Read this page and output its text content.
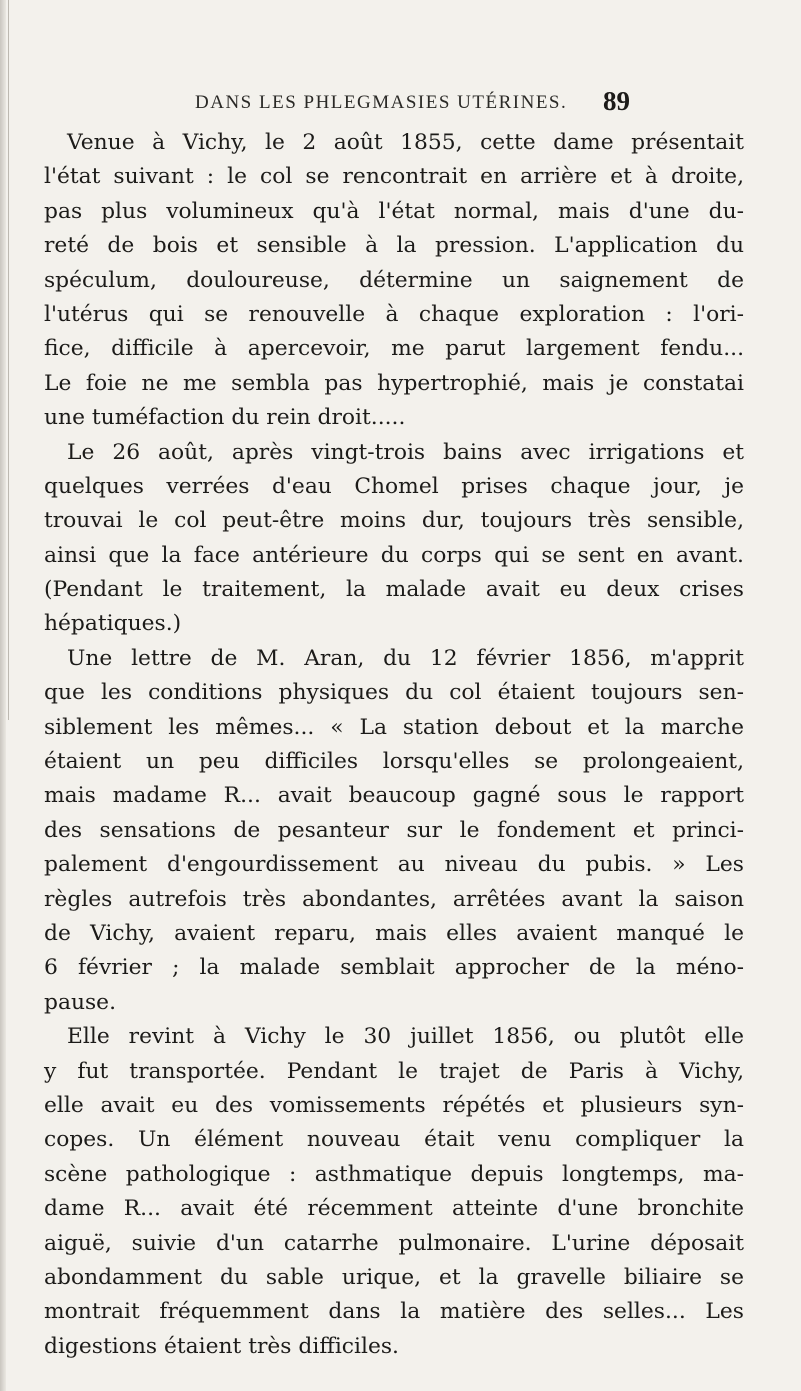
DANS LES PHLEGMASIES UTÉRINES. 89
Venue à Vichy, le 2 août 1855, cette dame présentait
l'état suivant : le col se rencontrait en arrière et à droite,
pas plus volumineux qu'à l'état normal, mais d'une du-
reté de bois et sensible à la pression. L'application du
spéculum, douloureuse, détermine un saignement de
l'utérus qui se renouvelle à chaque exploration : l'ori-
fice, difficile à apercevoir, me parut largement fendu...
Le foie ne me sembla pas hypertrophié, mais je constatai
une tuméfaction du rein droit.....
Le 26 août, après vingt-trois bains avec irrigations et
quelques verrées d'eau Chomel prises chaque jour, je
trouvai le col peut-être moins dur, toujours très sensible,
ainsi que la face antérieure du corps qui se sent en avant.
(Pendant le traitement, la malade avait eu deux crises
hépatiques.)
Une lettre de M. Aran, du 12 février 1856, m'apprit
que les conditions physiques du col étaient toujours sen-
siblement les mêmes... « La station debout et la marche
étaient un peu difficiles lorsqu'elles se prolongeaient,
mais madame R... avait beaucoup gagné sous le rapport
des sensations de pesanteur sur le fondement et princi-
palement d'engourdissement au niveau du pubis. » Les
règles autrefois très abondantes, arrêtées avant la saison
de Vichy, avaient reparu, mais elles avaient manqué le
6 février ; la malade semblait approcher de la méno-
pause.
Elle revint à Vichy le 30 juillet 1856, ou plutôt elle
y fut transportée. Pendant le trajet de Paris à Vichy,
elle avait eu des vomissements répétés et plusieurs syn-
copes. Un élément nouveau était venu compliquer la
scène pathologique : asthmatique depuis longtemps, ma-
dame R... avait été récemment atteinte d'une bronchite
aiguë, suivie d'un catarrhe pulmonaire. L'urine déposait
abondamment du sable urique, et la gravelle biliaire se
montrait fréquemment dans la matière des selles... Les
digestions étaient très difficiles.
